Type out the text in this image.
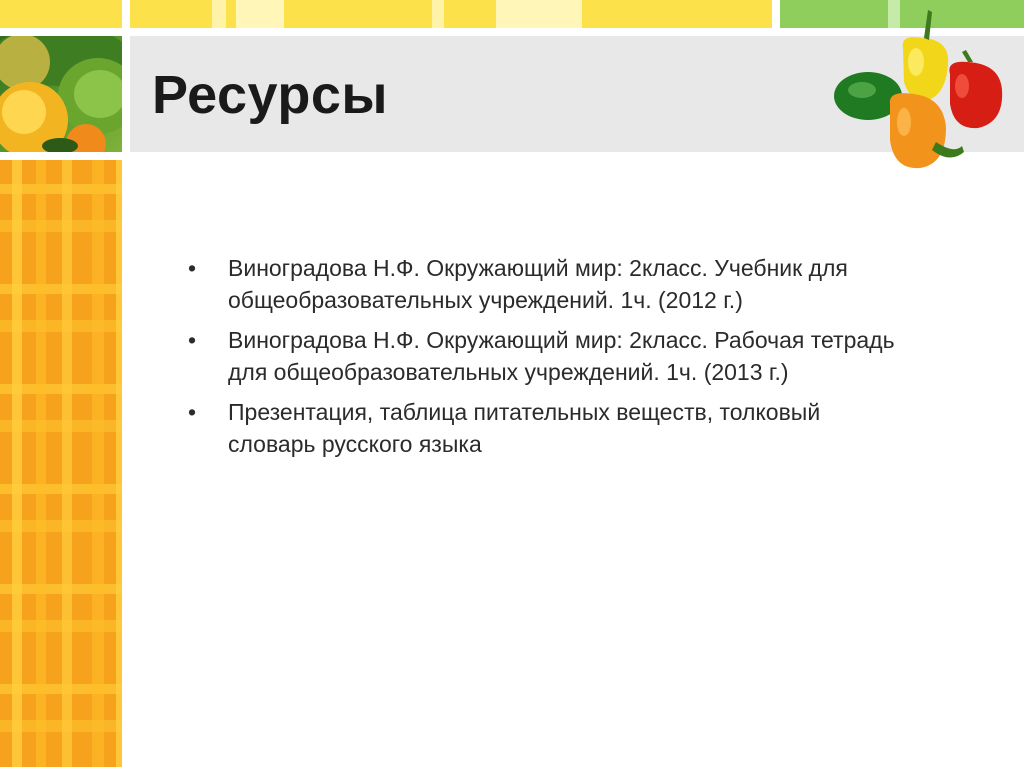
Ресурсы
• Виноградова Н.Ф. Окружающий мир: 2класс. Учебник для общеобразовательных учреждений. 1ч. (2012 г.)
• Виноградова Н.Ф. Окружающий мир: 2класс. Рабочая тетрадь для общеобразовательных учреждений. 1ч. (2013 г.)
• Презентация, таблица питательных веществ, толковый словарь русского языка
